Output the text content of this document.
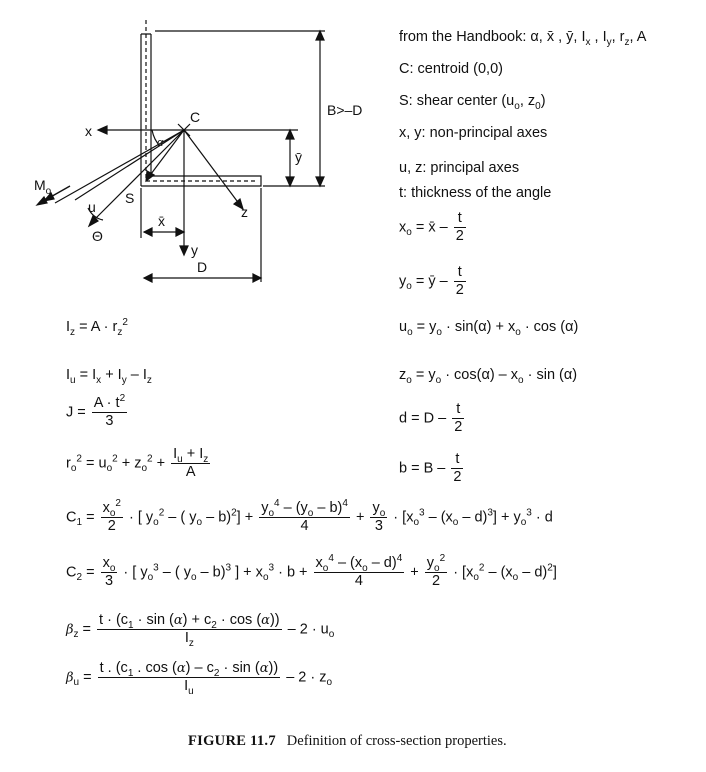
C
x
α
$M_o$
u
S
Θ
x̄
y
z
D
B>–D
ȳ
from the Handbook: α, x̄ , ȳ, $I_x$ , $I_y$, $r_z$, A
C: centroid (0,0)
S: shear center ($u_o$, $z_0$)
x, y: non-principal axes
u, z: principal axes
t: thickness of the angle
$x_o$ = x̄ – $\frac{t}{2}$
$y_o$ = ȳ – $\frac{t}{2}$
$I_z = A \cdot r_z^2$	$u_o = y_o \cdot \sin(\alpha) + x_o \cdot \cos (\alpha)$
$I_u = I_x + I_y - I_z$	$z_o = y_o \cdot \cos(\alpha) - x_o \cdot \sin (\alpha)$
$J = \frac{A \cdot t^2}{3}$	$d = D - \frac{t}{2}$
$r_o^2 = u_o^2 + z_o^2 + \frac{I_u + I_z}{A}$	$b = B - \frac{t}{2}$
$C_1 = \frac{x_o^2}{2}$ · [ $y_o^2$ – ( $y_o - b)^2] + \frac{y_o^4 - (y_o - b)^4}{4} + \frac{y_o}{3} \cdot [x_o^3 - (x_o - d)^3] + y_o^3 \cdot d$
$C_2 = \frac{x_o}{3}$ · [ $y_o^3$ – ( $y_o - b)^3$ ] + $x_o^3 \cdot b + \frac{x_o^4 - (x_o - d)^4}{4} + \frac{y_o^2}{2} \cdot [x_o^2 - (x_o - d)^2]$
$\beta_z = \frac{t \cdot (c_1 \cdot \sin (\alpha) + c_2 \cdot \cos (\alpha))}{I_z} - 2 \cdot u_o$
$\beta_u = \frac{t . (c_1 . \cos (\alpha) - c_2 \cdot \sin (\alpha))}{I_u} - 2 \cdot z_o$
FIGURE 11.7 Definition of cross-section properties.
